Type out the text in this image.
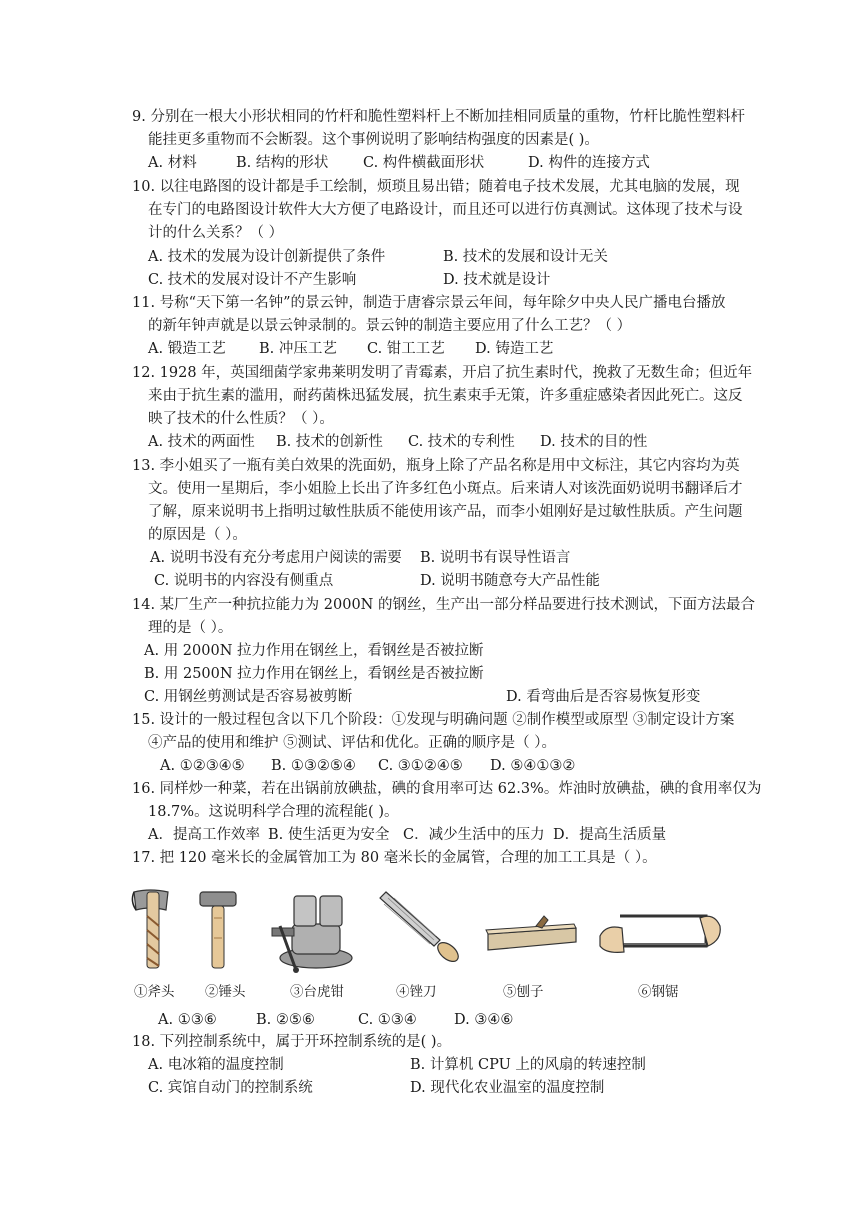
9. 分别在一根大小形状相同的竹杆和脆性塑料杆上不断加挂相同质量的重物，竹杆比脆性塑料杆
能挂更多重物而不会断裂。这个事例说明了影响结构强度的因素是( )。
A. 材料	B. 结构的形状 C. 构件横截面形状	D. 构件的连接方式
10. 以往电路图的设计都是手工绘制，烦琐且易出错；随着电子技术发展，尤其电脑的发展，现
在专门的电路图设计软件大大方便了电路设计，而且还可以进行仿真测试。这体现了技术与设
计的什么关系？（ ）
A. 技术的发展为设计创新提供了条件	B. 技术的发展和设计无关
C. 技术的发展对设计不产生影响	D. 技术就是设计
11. 号称“天下第一名钟”的景云钟，制造于唐睿宗景云年间，每年除夕中央人民广播电台播放
的新年钟声就是以景云钟录制的。景云钟的制造主要应用了什么工艺？（ ）
A. 锻造工艺 B. 冲压工艺 C. 钳工工艺 D. 铸造工艺
12. 1928 年，英国细菌学家弗莱明发明了青霉素，开启了抗生素时代，挽救了无数生命；但近年
来由于抗生素的滥用，耐药菌株迅猛发展，抗生素束手无策，许多重症感染者因此死亡。这反
映了技术的什么性质？（ ）。
A. 技术的两面性 B. 技术的创新性 C. 技术的专利性 D. 技术的目的性
13. 李小姐买了一瓶有美白效果的洗面奶，瓶身上除了产品名称是用中文标注，其它内容均为英
文。使用一星期后，李小姐脸上长出了许多红色小斑点。后来请人对该洗面奶说明书翻译后才
了解，原来说明书上指明过敏性肤质不能使用该产品，而李小姐刚好是过敏性肤质。产生问题
的原因是（ ）。
A. 说明书没有充分考虑用户阅读的需要 B. 说明书有误导性语言
C. 说明书的内容没有侧重点	D. 说明书随意夸大产品性能
14. 某厂生产一种抗拉能力为 2000N 的钢丝，生产出一部分样品要进行技术测试，下面方法最合
理的是（ ）。
A. 用 2000N 拉力作用在钢丝上，看钢丝是否被拉断
B. 用 2500N 拉力作用在钢丝上，看钢丝是否被拉断
C. 用钢丝剪测试是否容易被剪断	D. 看弯曲后是否容易恢复形变
15. 设计的一般过程包含以下几个阶段：①发现与明确问题 ②制作模型或原型 ③制定设计方案
④产品的使用和维护 ⑤测试、评估和优化。正确的顺序是（ ）。
A. ①②③④⑤ B. ①③②⑤④ C. ③①②④⑤ D. ⑤④①③②
16. 同样炒一种菜，若在出锅前放碘盐，碘的食用率可达 62.3%。炸油时放碘盐，碘的食用率仅为
18.7%。这说明科学合理的流程能( )。
A．提高工作效率 B. 使生活更为安全 C．减少生活中的压力 D．提高生活质量
17. 把 120 毫米长的金属管加工为 80 毫米长的金属管，合理的加工工具是（ ）。
①斧头 ②锤头	③台虎钳	④锉刀	⑤刨子	⑥钢锯
A. ①③⑥	B. ②⑤⑥	C. ①③④	D. ③④⑥
18. 下列控制系统中，属于开环控制系统的是( )。
A. 电冰箱的温度控制	B. 计算机 CPU 上的风扇的转速控制
C. 宾馆自动门的控制系统	D. 现代化农业温室的温度控制
